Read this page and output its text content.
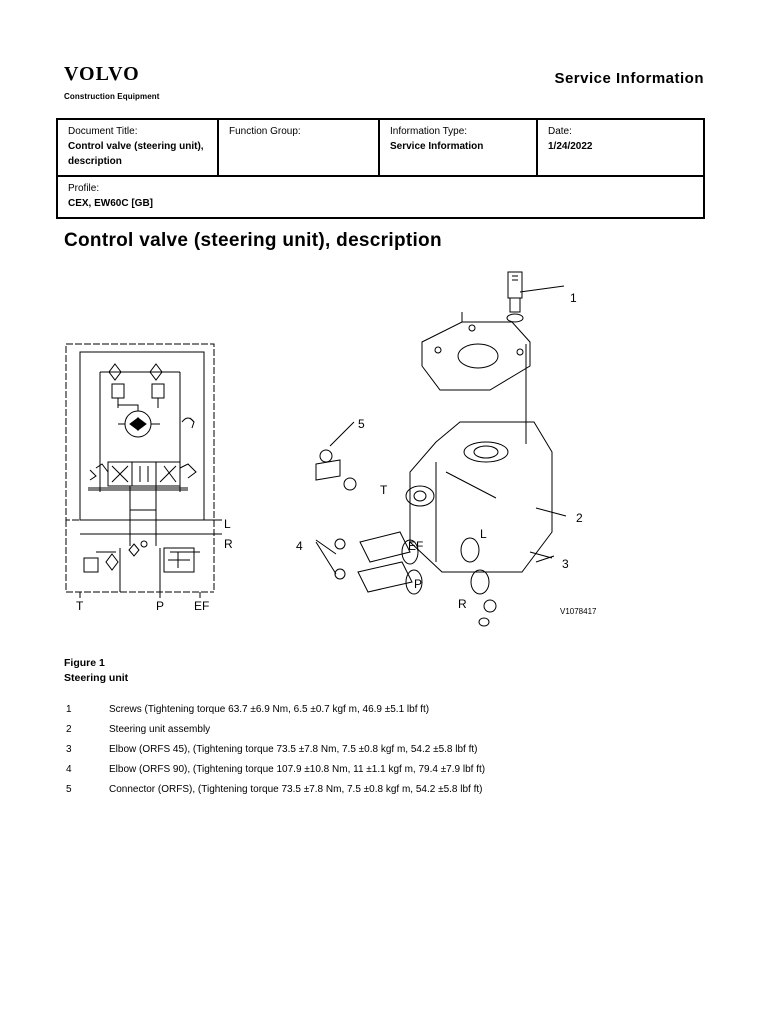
VOLVO
Construction Equipment
Service Information
Document Title:
Control valve (steering unit), description

Function Group:	Information Type:
Service Information

Date:
1/24/2022

Profile:
CEX, EW60C [GB]
Control valve (steering unit), description
L
R
T	P EF
1
2
3
4
5
T
EF
P
L
R
V1078417
Figure 1
Steering unit
1	Screws (Tightening torque 63.7 ±6.9 Nm, 6.5 ±0.7 kgf m, 46.9 ±5.1 lbf ft)
2	Steering unit assembly
3	Elbow (ORFS 45), (Tightening torque 73.5 ±7.8 Nm, 7.5 ±0.8 kgf m, 54.2 ±5.8 lbf ft)
4	Elbow (ORFS 90), (Tightening torque 107.9 ±10.8 Nm, 11 ±1.1 kgf m, 79.4 ±7.9 lbf ft)
5	Connector (ORFS), (Tightening torque 73.5 ±7.8 Nm, 7.5 ±0.8 kgf m, 54.2 ±5.8 lbf ft)
